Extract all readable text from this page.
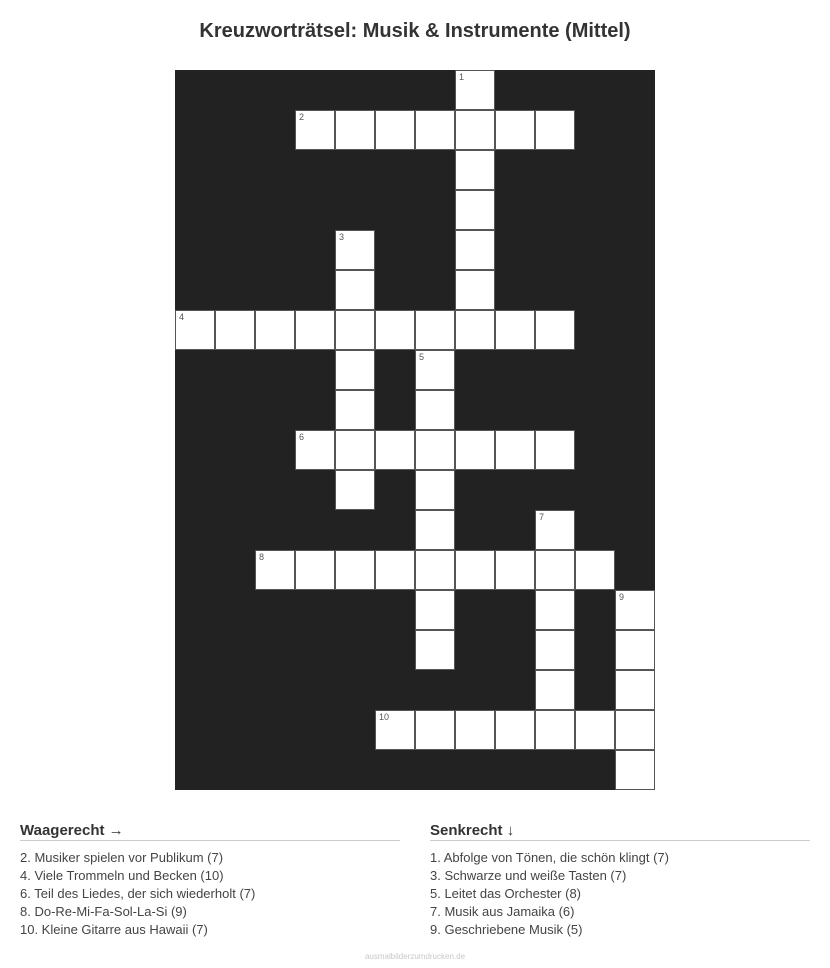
Kreuzworträtsel: Musik & Instrumente (Mittel)
1
2
3
4
5
6
7
8
9
10
Waagerecht →
2. Musiker spielen vor Publikum (7)
4. Viele Trommeln und Becken (10)
6. Teil des Liedes, der sich wiederholt (7)
8. Do-Re-Mi-Fa-Sol-La-Si (9)
10. Kleine Gitarre aus Hawaii (7)
Senkrecht ↓
1. Abfolge von Tönen, die schön klingt (7)
3. Schwarze und weiße Tasten (7)
5. Leitet das Orchester (8)
7. Musik aus Jamaika (6)
9. Geschriebene Musik (5)
ausmalbilderzumdrucken.de
